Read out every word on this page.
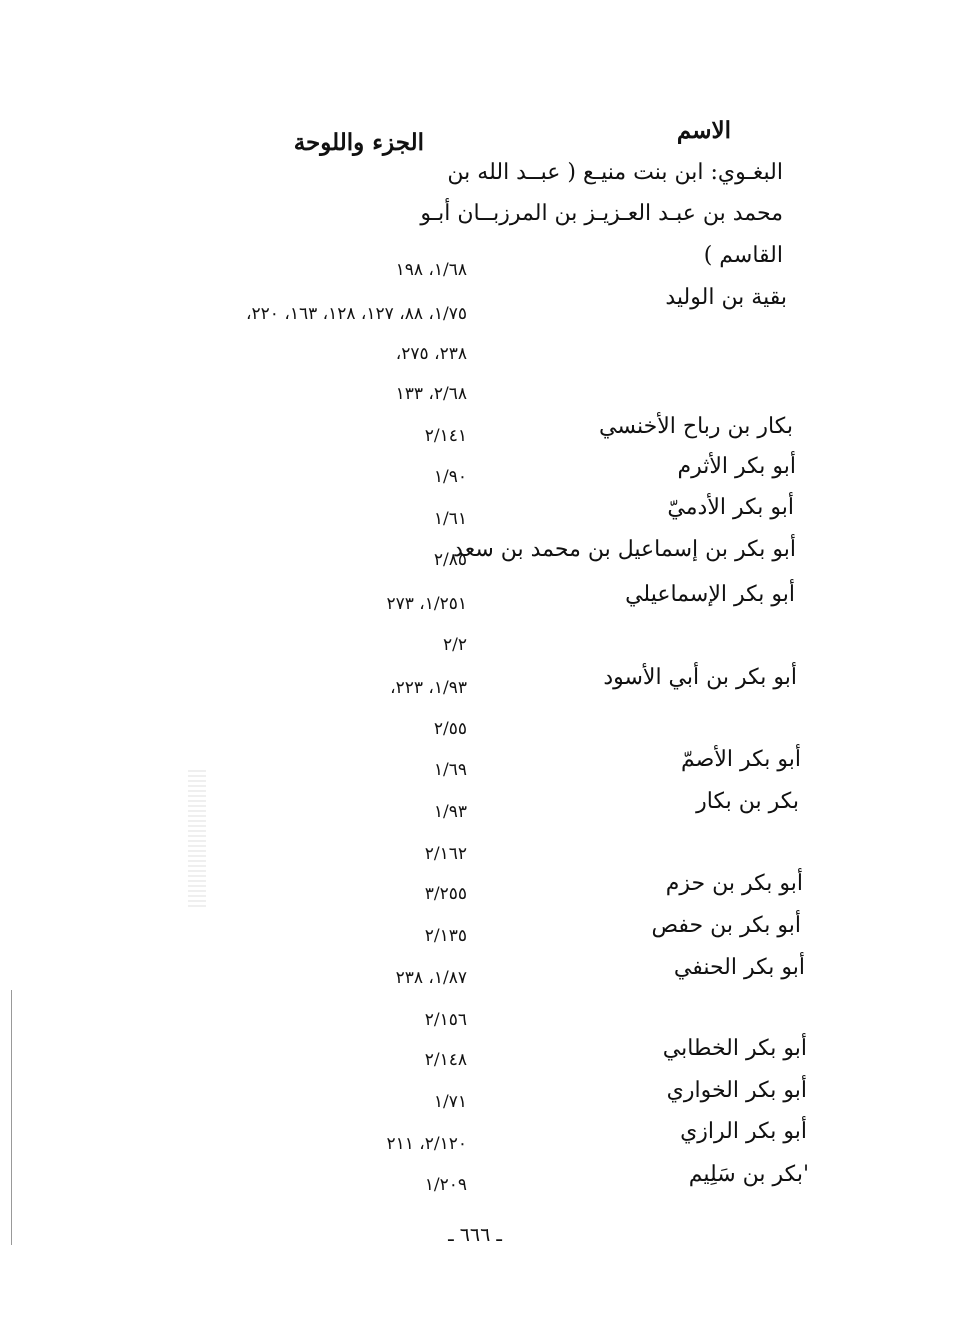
الاسم
الجزء واللوحة
البغـوي: ابن بنت منيـع ( عبــد الله بن
محمد بن عبـد العـزيـز بن المرزبــان أبـو
القاسم )
١/٦٨، ١٩٨
بقية بن الوليد
١/٧٥، ٨٨، ١٢٧، ١٢٨، ١٦٣، ٢٢٠،
٢٣٨، ٢٧٥،
٢/٦٨، ١٣٣
بكار بن رباح الأخنسي
٢/١٤١
أبو بكر الأثرم
١/٩٠
أبو بكر الأدميّ
١/٦١
أبو بكر بن إسماعيل بن محمد بن سعد
٢/٨٥
أبو بكر الإسماعيلي
١/٢٥١، ٢٧٣
٢/٢
أبو بكر بن أبي الأسود
١/٩٣، ٢٢٣،
٢/٥٥
أبو بكر الأصمّ
١/٦٩
بكر بن بكار
١/٩٣
٢/١٦٢
أبو بكر بن حزم
٣/٢٥٥
أبو بكر بن حفص
٢/١٣٥
أبو بكر الحنفي
١/٨٧، ٢٣٨
٢/١٥٦
أبو بكر الخطابي
٢/١٤٨
أبو بكر الخواري
١/٧١
أبو بكر الرازي
٢/١٢٠، ٢١١
'بكر بن سَلِيم
١/٢٠٩
ـ ٦٦٦ ـ
